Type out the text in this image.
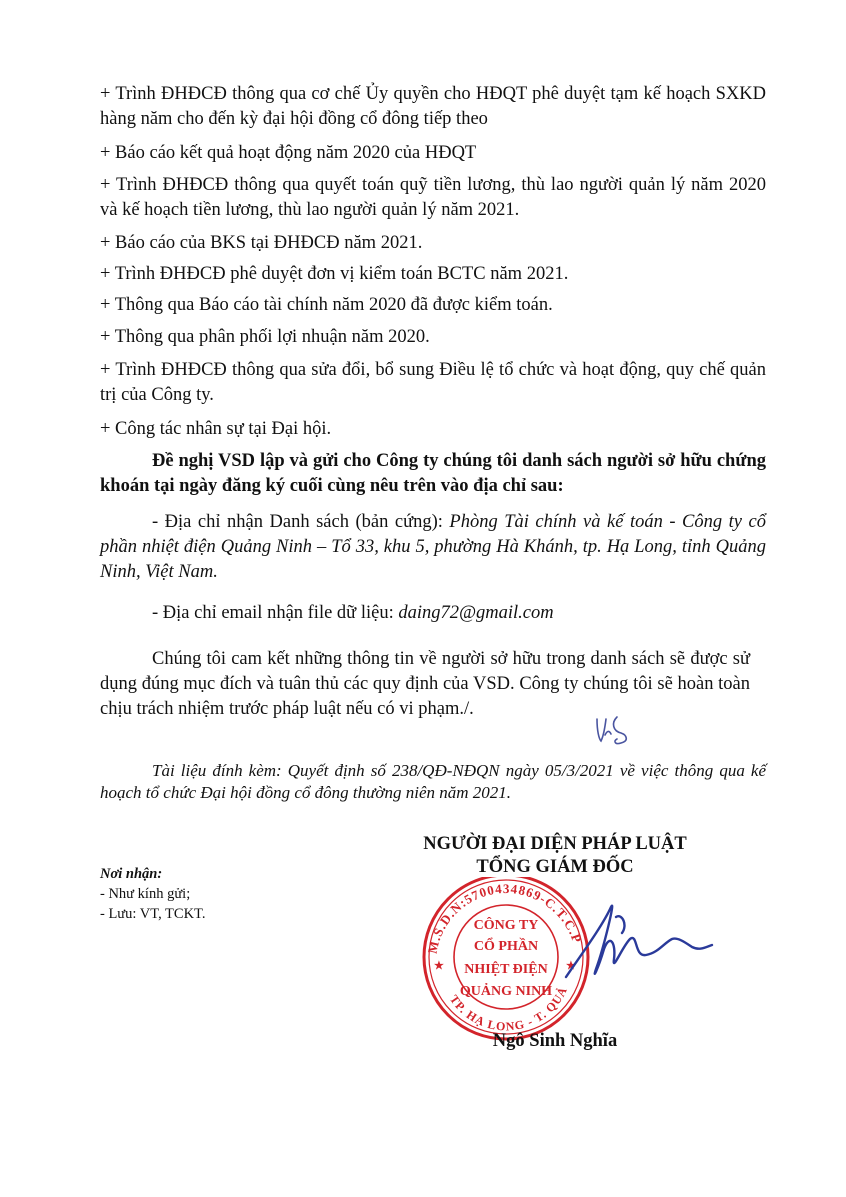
+ Trình ĐHĐCĐ thông qua cơ chế Ủy quyền cho HĐQT phê duyệt tạm kế hoạch SXKD hàng năm cho đến kỳ đại hội đồng cổ đông tiếp theo
+ Báo cáo kết quả hoạt động năm 2020 của HĐQT
+ Trình ĐHĐCĐ thông qua quyết toán quỹ tiền lương, thù lao người quản lý năm 2020 và kế hoạch tiền lương, thù lao người quản lý năm 2021.
+ Báo cáo của BKS tại ĐHĐCĐ năm 2021.
+ Trình ĐHĐCĐ phê duyệt đơn vị kiểm toán BCTC năm 2021.
+ Thông qua Báo cáo tài chính năm 2020 đã được kiểm toán.
+ Thông qua phân phối lợi nhuận năm 2020.
+ Trình ĐHĐCĐ thông qua sửa đổi, bổ sung Điều lệ tổ chức và hoạt động, quy chế quản trị của Công ty.
+ Công tác nhân sự tại Đại hội.
Đề nghị VSD lập và gửi cho Công ty chúng tôi danh sách người sở hữu chứng khoán tại ngày đăng ký cuối cùng nêu trên vào địa chỉ sau:
- Địa chỉ nhận Danh sách (bản cứng): Phòng Tài chính và kế toán - Công ty cổ phần nhiệt điện Quảng Ninh – Tổ 33, khu 5, phường Hà Khánh, tp. Hạ Long, tỉnh Quảng Ninh, Việt Nam.
- Địa chỉ email nhận file dữ liệu: daing72@gmail.com
Chúng tôi cam kết những thông tin về người sở hữu trong danh sách sẽ được sử dụng đúng mục đích và tuân thủ các quy định của VSD. Công ty chúng tôi sẽ hoàn toàn chịu trách nhiệm trước pháp luật nếu có vi phạm./.
Tài liệu đính kèm: Quyết định số 238/QĐ-NĐQN ngày 05/3/2021 về việc thông qua kế hoạch tổ chức Đại hội đồng cổ đông thường niên năm 2021.
NGƯỜI ĐẠI DIỆN PHÁP LUẬT
TỔNG GIÁM ĐỐC
Nơi nhận:
- Như kính gửi;
- Lưu: VT, TCKT.
M.S.D.N:5700434869-C.T.C.P
TP. HẠ LONG - T. QUẢ
CÔNG TY
CỔ PHẦN
NHIỆT ĐIỆN
QUẢNG NINH
★	★
Ngô Sinh Nghĩa
